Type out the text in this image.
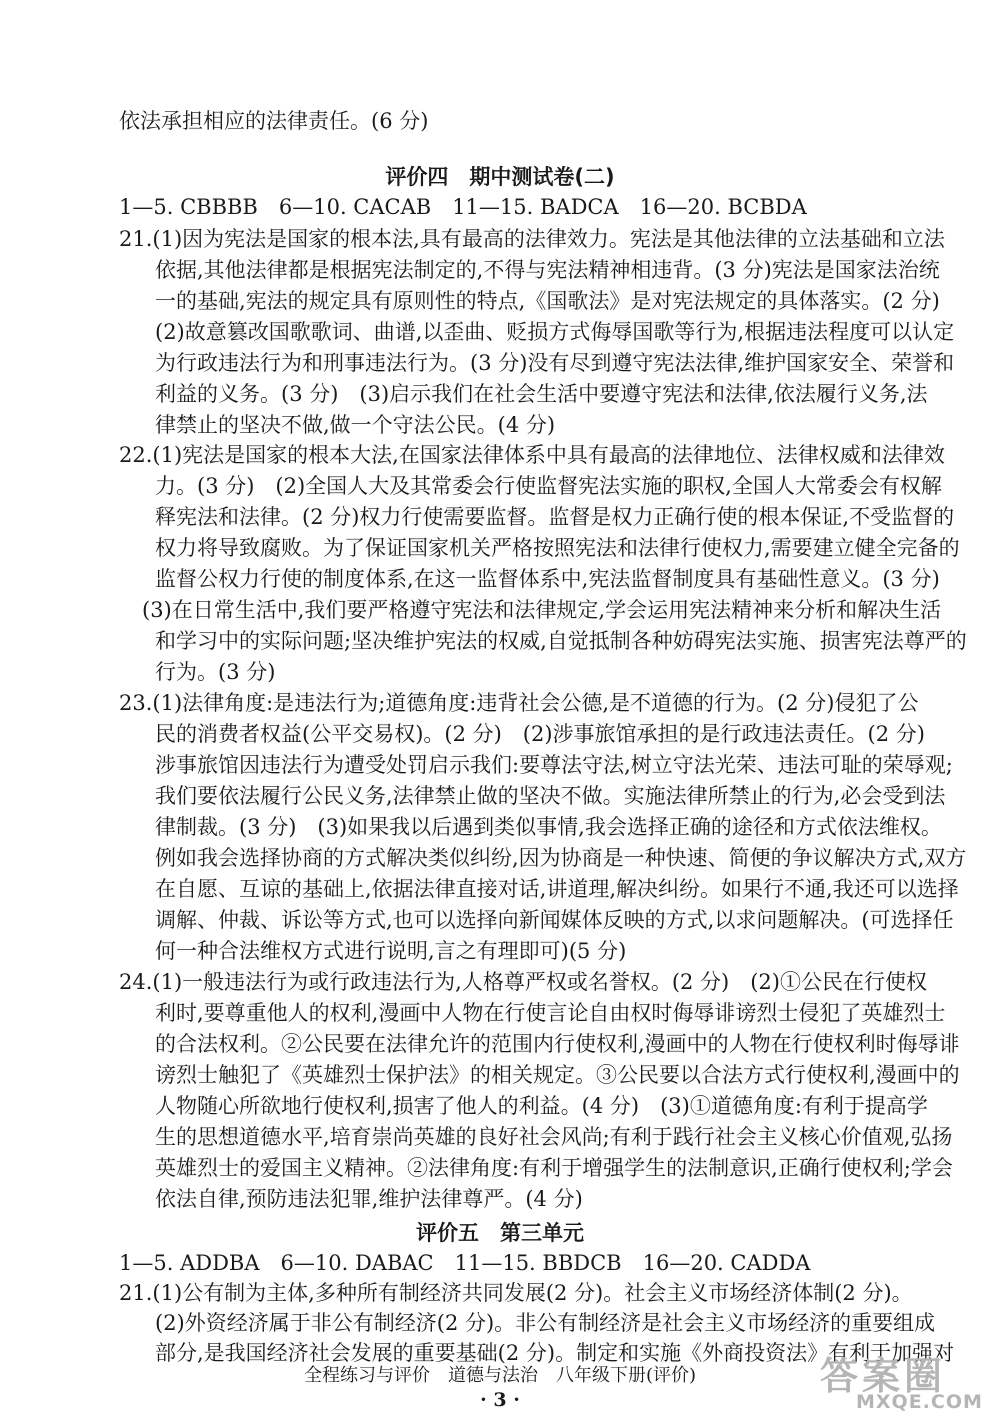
依法承担相应的法律责任。(6 分)
评价四　期中测试卷(二)
1—5. CBBBB　6—10. CACAB　11—15. BADCA　16—20. BCBDA
21.(1)因为宪法是国家的根本法,具有最高的法律效力。宪法是其他法律的立法基础和立法
依据,其他法律都是根据宪法制定的,不得与宪法精神相违背。(3 分)宪法是国家法治统
一的基础,宪法的规定具有原则性的特点,《国歌法》是对宪法规定的具体落实。(2 分)
(2)故意篡改国歌歌词、曲谱,以歪曲、贬损方式侮辱国歌等行为,根据违法程度可以认定
为行政违法行为和刑事违法行为。(3 分)没有尽到遵守宪法法律,维护国家安全、荣誉和
利益的义务。(3 分)　(3)启示我们在社会生活中要遵守宪法和法律,依法履行义务,法
律禁止的坚决不做,做一个守法公民。(4 分)
22.(1)宪法是国家的根本大法,在国家法律体系中具有最高的法律地位、法律权威和法律效
力。(3 分)　(2)全国人大及其常委会行使监督宪法实施的职权,全国人大常委会有权解
释宪法和法律。(2 分)权力行使需要监督。监督是权力正确行使的根本保证,不受监督的
权力将导致腐败。为了保证国家机关严格按照宪法和法律行使权力,需要建立健全完备的
监督公权力行使的制度体系,在这一监督体系中,宪法监督制度具有基础性意义。(3 分)
(3)在日常生活中,我们要严格遵守宪法和法律规定,学会运用宪法精神来分析和解决生活
和学习中的实际问题;坚决维护宪法的权威,自觉抵制各种妨碍宪法实施、损害宪法尊严的
行为。(3 分)
23.(1)法律角度:是违法行为;道德角度:违背社会公德,是不道德的行为。(2 分)侵犯了公
民的消费者权益(公平交易权)。(2 分)　(2)涉事旅馆承担的是行政违法责任。(2 分)
涉事旅馆因违法行为遭受处罚启示我们:要尊法守法,树立守法光荣、违法可耻的荣辱观;
我们要依法履行公民义务,法律禁止做的坚决不做。实施法律所禁止的行为,必会受到法
律制裁。(3 分)　(3)如果我以后遇到类似事情,我会选择正确的途径和方式依法维权。
例如我会选择协商的方式解决类似纠纷,因为协商是一种快速、简便的争议解决方式,双方
在自愿、互谅的基础上,依据法律直接对话,讲道理,解决纠纷。如果行不通,我还可以选择
调解、仲裁、诉讼等方式,也可以选择向新闻媒体反映的方式,以求问题解决。(可选择任
何一种合法维权方式进行说明,言之有理即可)(5 分)
24.(1)一般违法行为或行政违法行为,人格尊严权或名誉权。(2 分)　(2)①公民在行使权
利时,要尊重他人的权利,漫画中人物在行使言论自由权时侮辱诽谤烈士侵犯了英雄烈士
的合法权利。②公民要在法律允许的范围内行使权利,漫画中的人物在行使权利时侮辱诽
谤烈士触犯了《英雄烈士保护法》的相关规定。③公民要以合法方式行使权利,漫画中的
人物随心所欲地行使权利,损害了他人的利益。(4 分)　(3)①道德角度:有利于提高学
生的思想道德水平,培育崇尚英雄的良好社会风尚;有利于践行社会主义核心价值观,弘扬
英雄烈士的爱国主义精神。②法律角度:有利于增强学生的法制意识,正确行使权利;学会
依法自律,预防违法犯罪,维护法律尊严。(4 分)
评价五　第三单元
1—5. ADDBA　6—10. DABAC　11—15. BBDCB　16—20. CADDA
21.(1)公有制为主体,多种所有制经济共同发展(2 分)。社会主义市场经济体制(2 分)。
(2)外资经济属于非公有制经济(2 分)。非公有制经济是社会主义市场经济的重要组成
部分,是我国经济社会发展的重要基础(2 分)。制定和实施《外商投资法》有利于加强对
全程练习与评价　道德与法治　八年级下册(评价)
· 3 ·
答案圈
MXQE.COM
